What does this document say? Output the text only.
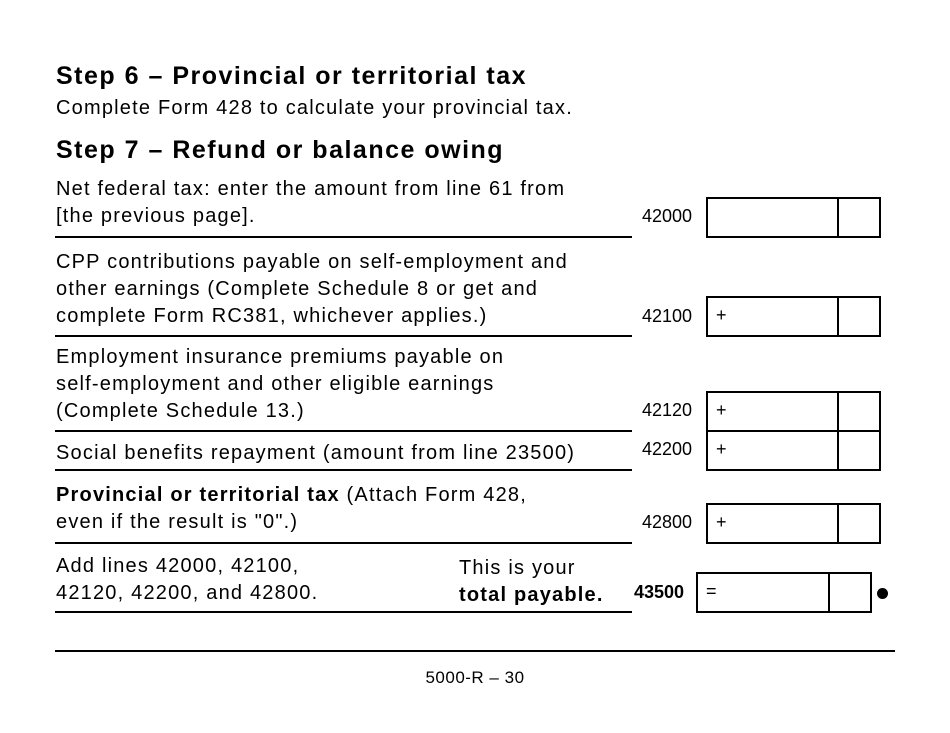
Step 6 – Provincial or territorial tax
Complete Form 428 to calculate your provincial tax.
Step 7 – Refund or balance owing
Net federal tax: enter the amount from line 61 from
[the previous page].	42000
CPP contributions payable on self-employment and
other earnings (Complete Schedule 8 or get and
complete Form RC381, whichever applies.)	42100 +
Employment insurance premiums payable on
self-employment and other eligible earnings
(Complete Schedule 13.)	42120 +
Social benefits repayment (amount from line 23500)	42200 +
Provincial or territorial tax (Attach Form 428,
even if the result is "0".)	42800 +
Add lines 42000, 42100,
42120, 42200, and 42800.
This is your
total payable. 43500 =
5000-R – 30
